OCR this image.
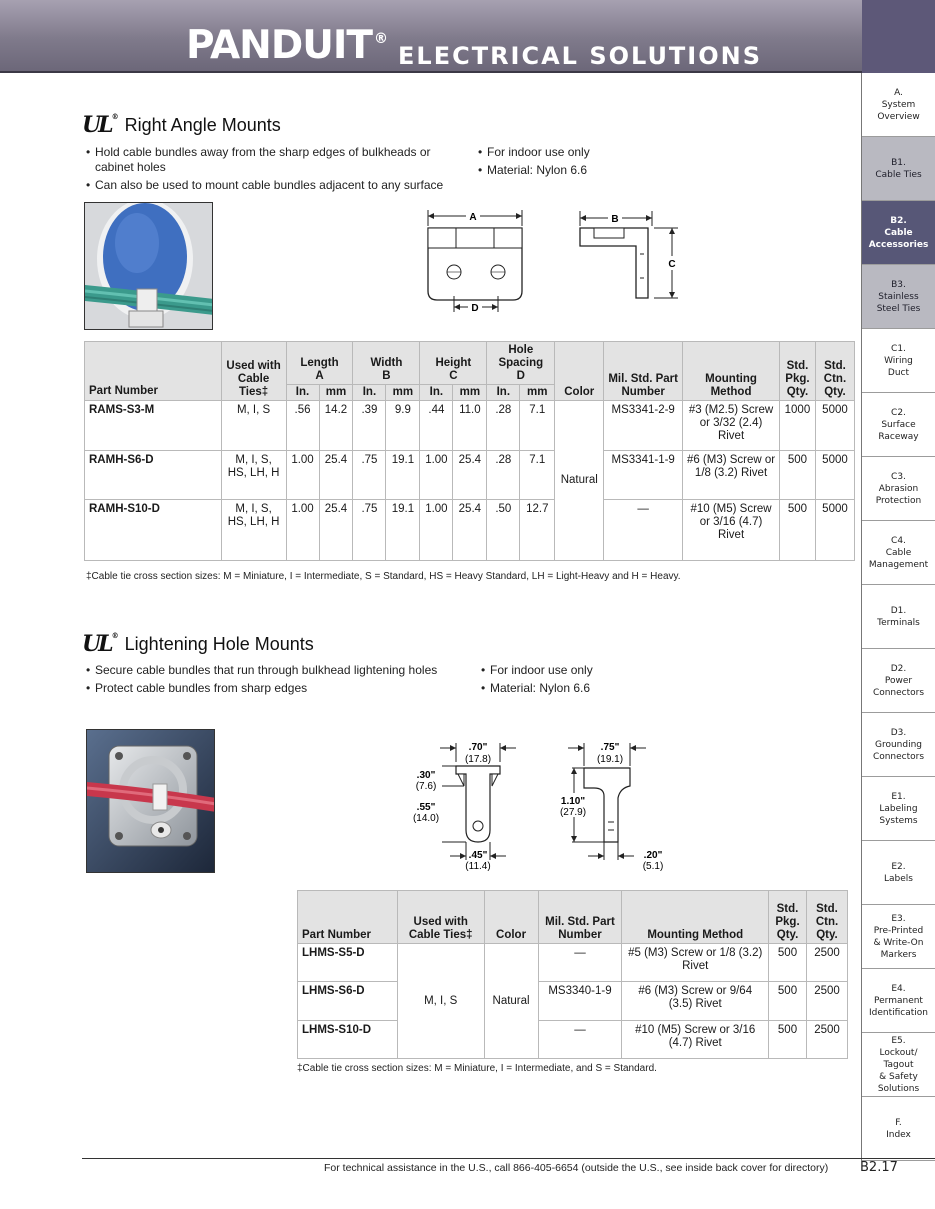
PANDUIT ®
ELECTRICAL SOLUTIONS
A.
System
Overview
B1.
Cable Ties
B2.
Cable
Accessories
B3.
Stainless
Steel Ties
C1.
Wiring
Duct
C2.
Surface
Raceway
C3.
Abrasion
Protection
C4.
Cable
Management
D1.
Terminals
D2.
Power
Connectors
D3.
Grounding
Connectors
E1.
Labeling
Systems
E2.
Labels
E3.
Pre-Printed
& Write-On
Markers
E4.
Permanent
Identification
E5.
Lockout/
Tagout
& Safety
Solutions
F.
Index
UL ® Right Angle Mounts
• Hold cable bundles away from the sharp edges of bulkheads or cabinet holes
• Can also be used to mount cable bundles adjacent to any surface
• For indoor use only
• Material: Nylon 6.6
A
D
B
C
Part Number	Used with Cable Ties‡	Length
A		Width
B		Height
C		Hole Spacing
D		Color	Mil. Std. Part Number	Mounting Method	Std. Pkg. Qty.	Std. Ctn. Qty.
		In.	mm	In.	mm	In.	mm	In.	mm					
RAMS-S3-M	M, I, S	.56	14.2	.39	9.9	.44	11.0	.28	7.1	Natural	MS3341-2-9	#3 (M2.5) Screw or 3/32 (2.4) Rivet	1000	5000
RAMH-S6-D	M, I, S, HS, LH, H	1.00	25.4	.75	19.1	1.00	25.4	.28	7.1		MS3341-1-9	#6 (M3) Screw or 1/8 (3.2) Rivet	500	5000
RAMH-S10-D	M, I, S, HS, LH, H	1.00	25.4	.75	19.1	1.00	25.4	.50	12.7		—	#10 (M5) Screw or 3/16 (4.7) Rivet	500	5000
‡Cable tie cross section sizes: M = Miniature, I = Intermediate, S = Standard, HS = Heavy Standard, LH = Light-Heavy and H = Heavy.
UL ® Lightening Hole Mounts
• Secure cable bundles that run through bulkhead lightening holes
• Protect cable bundles from sharp edges
• For indoor use only
• Material: Nylon 6.6
.70"
(17.8)
.30"
(7.6)
.55"
(14.0)
.45"
(11.4)
.75"
(19.1)
1.10"
(27.9)
.20"
(5.1)
Part Number	Used with Cable Ties‡	Color	Mil. Std. Part Number	Mounting Method	Std. Pkg. Qty.	Std. Ctn. Qty.
LHMS-S5-D	M, I, S	Natural	—	#5 (M3) Screw or 1/8 (3.2) Rivet	500	2500
LHMS-S6-D			MS3340-1-9	#6 (M3) Screw or 9/64 (3.5) Rivet	500	2500
LHMS-S10-D			—	#10 (M5) Screw or 3/16 (4.7) Rivet	500	2500
‡Cable tie cross section sizes: M = Miniature, I = Intermediate, and S = Standard.
For technical assistance in the U.S., call 866-405-6654 (outside the U.S., see inside back cover for directory) B2.17
